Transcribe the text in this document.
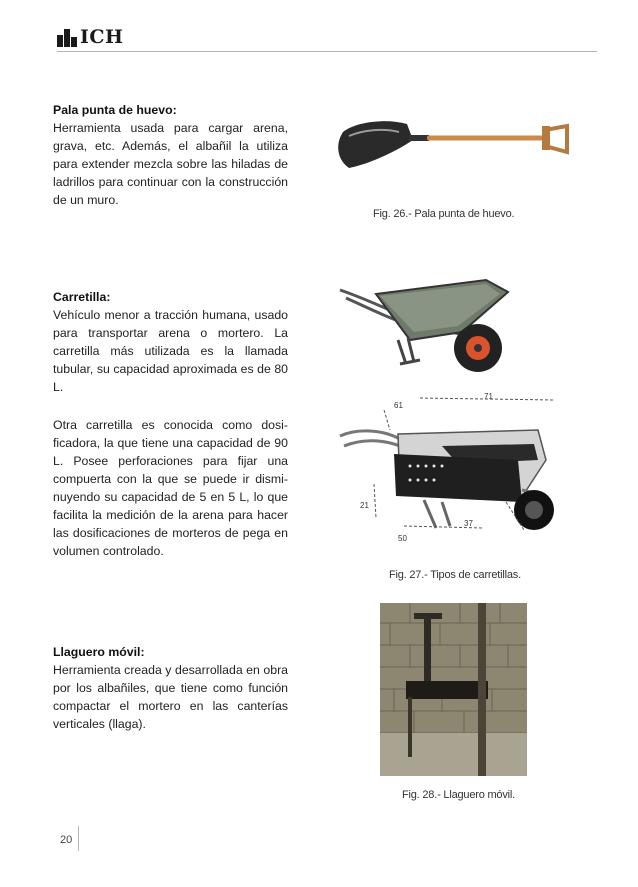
ICH
Pala punta de huevo:
Herramienta usada para cargar arena, grava, etc. Además, el albañil la utiliza para extender mezcla sobre las hiladas de ladrillos para continuar con la construcción de un muro.
Fig. 26.- Pala punta de huevo.
Carretilla:
Vehículo menor a tracción humana, usado para transportar arena o mortero. La carretilla más utilizada es la llamada tubular, su capacidad aproximada es de 80 L.
Otra carretilla es conocida como dosi-ficadora, la que tiene una capacidad de 90 L. Posee perforaciones para fijar una compuerta con la que se puede ir dismi-nuyendo su capacidad de 5 en 5 L, lo que facilita la medición de la arena para hacer las dosificaciones de morteros de pega en volumen controlado.
61
71
21
37
50
Fig. 27.- Tipos de carretillas.
Llaguero móvil:
Herramienta creada y desarrollada en obra por los albañiles, que tiene como función compactar el mortero en las canterías verticales (llaga).
Fig. 28.- Llaguero móvil.
20
